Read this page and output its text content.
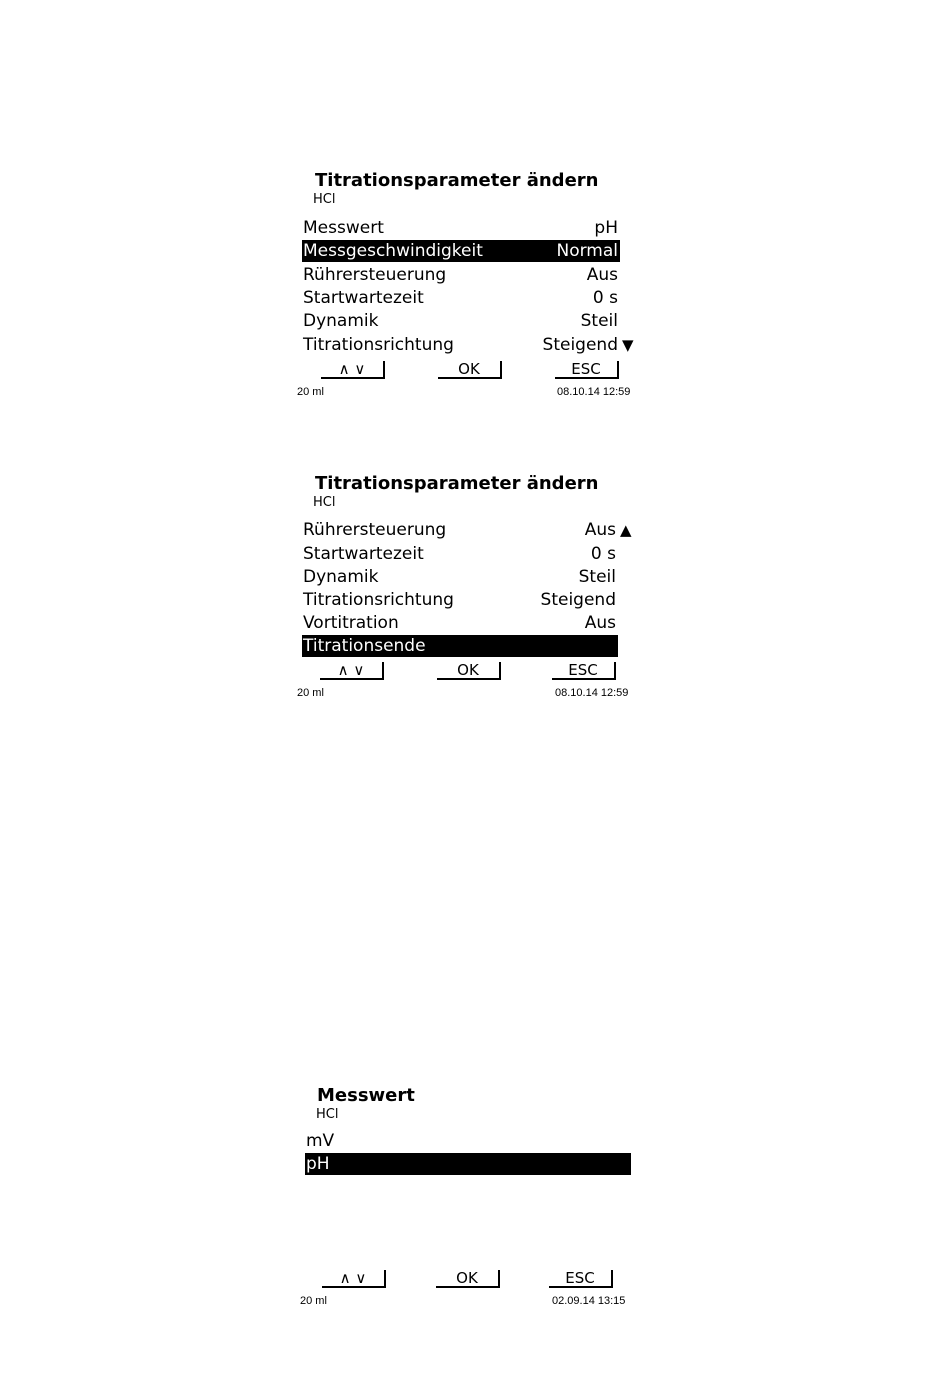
Titrationsparameter ändern
HCl
Messwert	pH
Messgeschwindigkeit	Normal
Rührersteuerung	Aus
Startwartezeit	0 s
Dynamik	Steil
Titrationsrichtung	Steigend ▼
∧ ∨	OK	ESC
20 ml	08.10.14 12:59
Titrationsparameter ändern
HCl
Rührersteuerung	Aus ▲
Startwartezeit	0 s
Dynamik	Steil
Titrationsrichtung	Steigend
Vortitration	Aus
Titrationsende
∧ ∨	OK	ESC
20 ml	08.10.14 12:59
Messwert
HCl
mV
pH
∧ ∨	OK	ESC
20 ml	02.09.14 13:15
